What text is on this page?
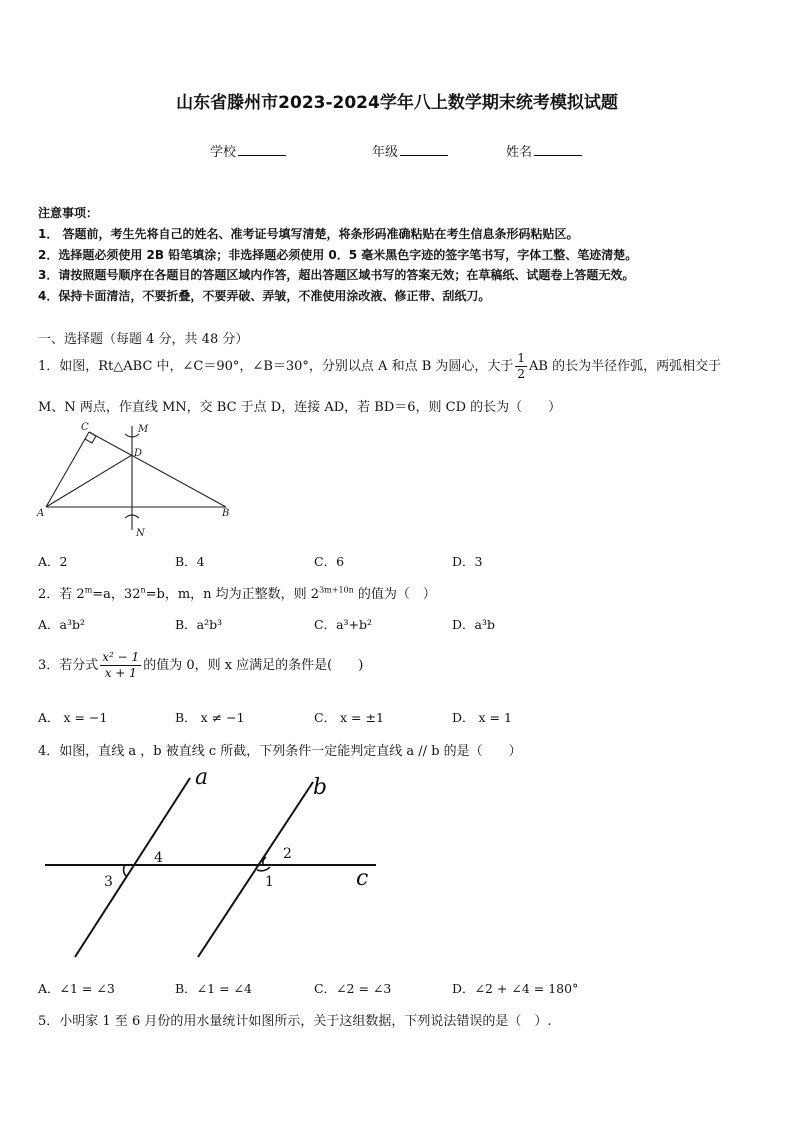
山东省滕州市2023-2024学年八上数学期末统考模拟试题
学校	年级	姓名
注意事项：
1． 答题前，考生先将自己的姓名、准考证号填写清楚，将条形码准确粘贴在考生信息条形码粘贴区。
2．选择题必须使用 2B 铅笔填涂；非选择题必须使用 0．5 毫米黑色字迹的签字笔书写，字体工整、笔迹清楚。
3．请按照题号顺序在各题目的答题区域内作答，超出答题区域书写的答案无效；在草稿纸、试题卷上答题无效。
4．保持卡面清洁，不要折叠，不要弄破、弄皱，不准使用涂改液、修正带、刮纸刀。
一、选择题（每题 4 分，共 48 分）
1．如图，Rt△ABC 中，∠C＝90°，∠B＝30°，分别以点 A 和点 B 为圆心，大于 $\frac{1}{2}$ AB 的长为半径作弧，两弧相交于
M、N 两点，作直线 MN，交 BC 于点 D，连接 AD，若 BD＝6，则 CD 的长为（　　）
C	M
D
A	B
N
A．2	B．4	C．6	D．3
2．若 $2^m=a$，$32^n=b$，m，n 均为正整数，则 $2^{3m+10n}$ 的值为（　）
A．a³b²	B．a²b³	C．a³+b²	D．a³b
3．若分式 $\frac{\text{x² − 1}}{x + 1}$ 的值为 0，则 x 应满足的条件是(　　)
A． x = −1	B． x ≠ −1	C． x = ±1	D． x = 1
4．如图，直线 a ，b 被直线 c 所截，下列条件一定能判定直线 a // b 的是（　　）
a	b
c
1
2
3
4
A．∠1 = ∠3	B．∠1 = ∠4	C．∠2 = ∠3	D．∠2 + ∠4 = 180°
5．小明家 1 至 6 月份的用水量统计如图所示，关于这组数据，下列说法错误的是（　）.
